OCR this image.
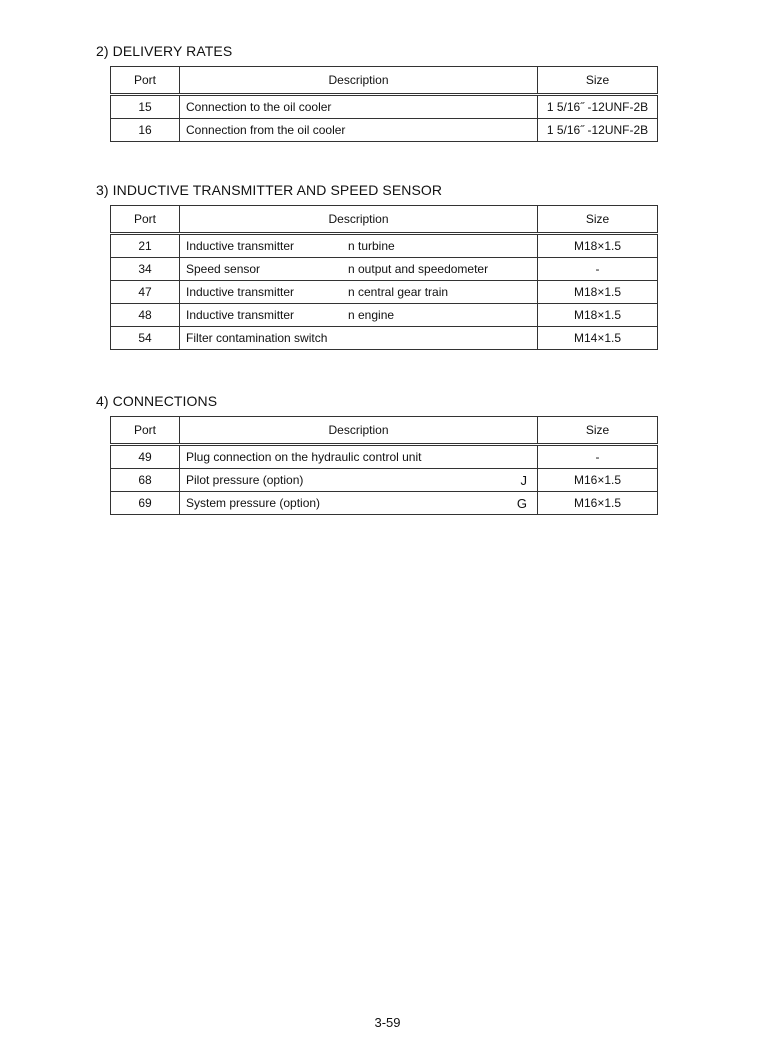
2) DELIVERY RATES
Port	Description	Size
15	Connection to the oil cooler	1 5/16˝ -12UNF-2B
16	Connection from the oil cooler	1 5/16˝ -12UNF-2B
3) INDUCTIVE TRANSMITTER AND SPEED SENSOR
Port	Description	Size
21	Inductive transmitter n turbine	M18×1.5
34	Speed sensor n output and speedometer	-
47	Inductive transmitter n central gear train	M18×1.5
48	Inductive transmitter n engine	M18×1.5
54	Filter contamination switch	M14×1.5
4) CONNECTIONS
Port	Description	Size
49	Plug connection on the hydraulic control unit	-
68	Pilot pressure (option) J	M16×1.5
69	System pressure (option) G	M16×1.5
3-59
